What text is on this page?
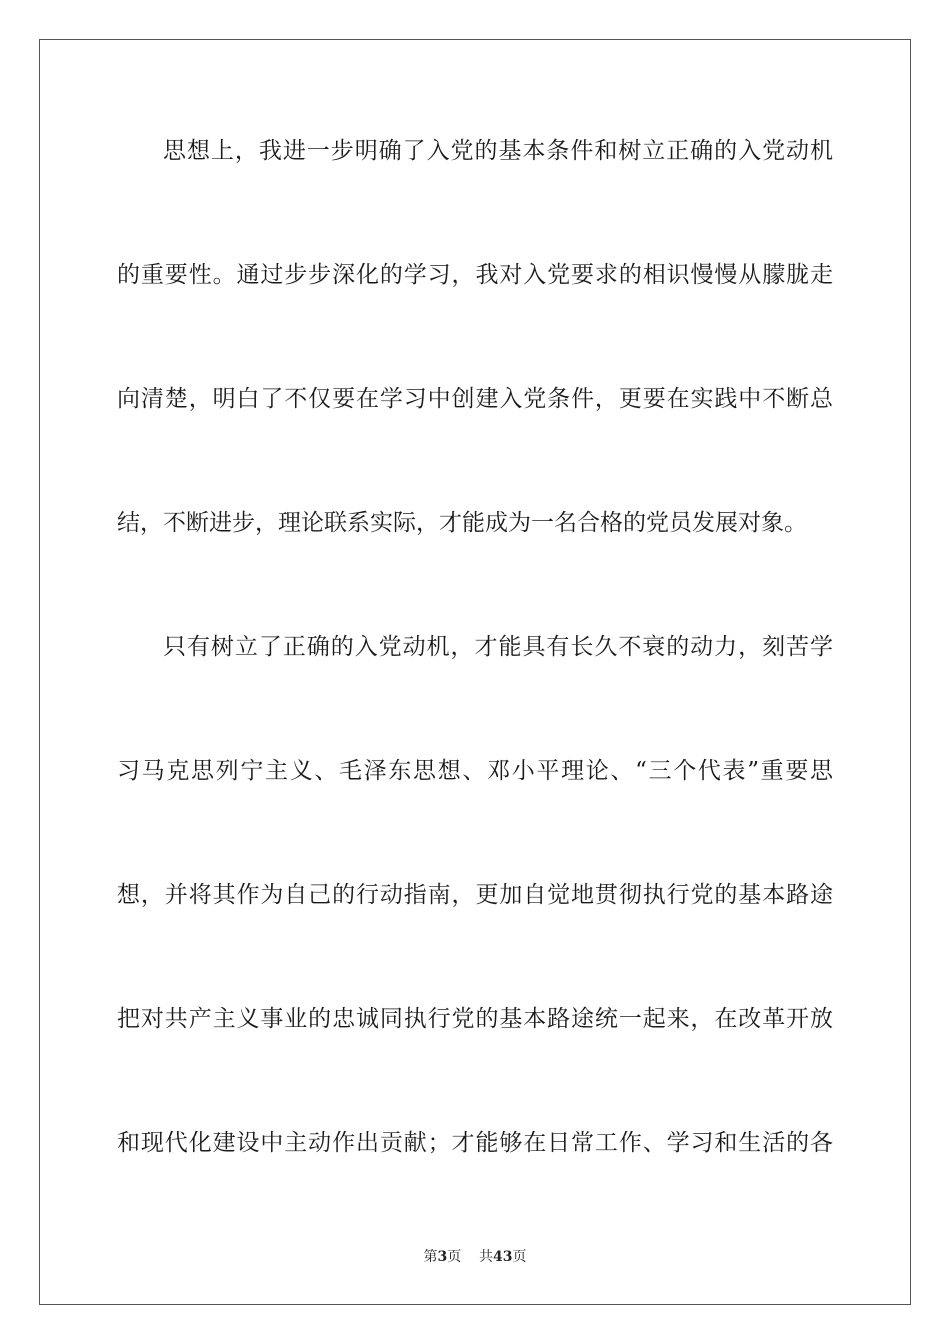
思想上，我进一步明确了入党的基本条件和树立正确的入党动机
的重要性。通过步步深化的学习，我对入党要求的相识慢慢从朦胧走
向清楚，明白了不仅要在学习中创建入党条件，更要在实践中不断总
结，不断进步，理论联系实际，才能成为一名合格的党员发展对象。
只有树立了正确的入党动机，才能具有长久不衰的动力，刻苦学
习马克思列宁主义、毛泽东思想、邓小平理论、“三个代表”重要思
想，并将其作为自己的行动指南，更加自觉地贯彻执行党的基本路途
把对共产主义事业的忠诚同执行党的基本路途统一起来，在改革开放
和现代化建设中主动作出贡献；才能够在日常工作、学习和生活的各
第3页 共43页
